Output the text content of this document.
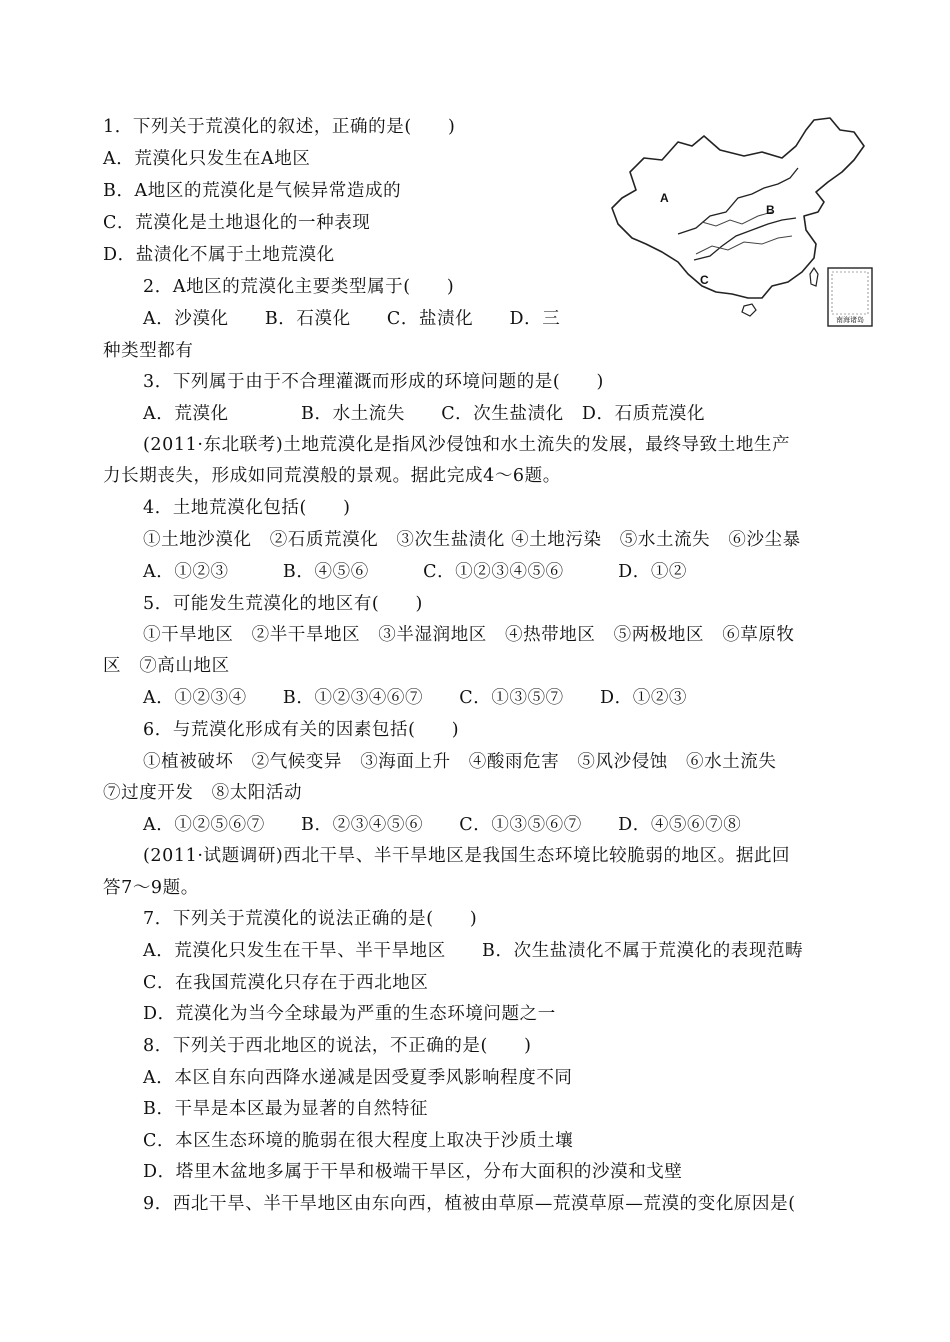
1．下列关于荒漠化的叙述，正确的是(　　)
A．荒漠化只发生在A地区
B．A地区的荒漠化是气候异常造成的
C．荒漠化是土地退化的一种表现
D．盐渍化不属于土地荒漠化
2．A地区的荒漠化主要类型属于(　　)
A．沙漠化　　B．石漠化　　C．盐渍化　　D．三
种类型都有
3．下列属于由于不合理灌溉而形成的环境问题的是(　　)
A．荒漠化　　　　B．水土流失　　C．次生盐渍化　D．石质荒漠化
(2011·东北联考)土地荒漠化是指风沙侵蚀和水土流失的发展，最终导致土地生产
力长期丧失，形成如同荒漠般的景观。据此完成4～6题。
4．土地荒漠化包括(　　)
①土地沙漠化　②石质荒漠化　③次生盐渍化 ④土地污染　⑤水土流失　⑥沙尘暴
A．①②③　　　B．④⑤⑥　　　C．①②③④⑤⑥　　　D．①②
5．可能发生荒漠化的地区有(　　)
①干旱地区　②半干旱地区　③半湿润地区　④热带地区　⑤两极地区　⑥草原牧
区　⑦高山地区
A．①②③④　　B．①②③④⑥⑦　　C．①③⑤⑦　　D．①②③
6．与荒漠化形成有关的因素包括(　　)
①植被破坏　②气候变异　③海面上升　④酸雨危害　⑤风沙侵蚀　⑥水土流失
⑦过度开发　⑧太阳活动
A．①②⑤⑥⑦　　B．②③④⑤⑥　　C．①③⑤⑥⑦　　D．④⑤⑥⑦⑧
(2011·试题调研)西北干旱、半干旱地区是我国生态环境比较脆弱的地区。据此回
答7～9题。
7．下列关于荒漠化的说法正确的是(　　)
A．荒漠化只发生在干旱、半干旱地区　　B．次生盐渍化不属于荒漠化的表现范畴
C．在我国荒漠化只存在于西北地区
D．荒漠化为当今全球最为严重的生态环境问题之一
8．下列关于西北地区的说法，不正确的是(　　)
A．本区自东向西降水递减是因受夏季风影响程度不同
B．干旱是本区最为显著的自然特征
C．本区生态环境的脆弱在很大程度上取决于沙质土壤
D．塔里木盆地多属于干旱和极端干旱区，分布大面积的沙漠和戈壁
9．西北干旱、半干旱地区由东向西，植被由草原—荒漠草原—荒漠的变化原因是(
A
B
C
南海诸岛
